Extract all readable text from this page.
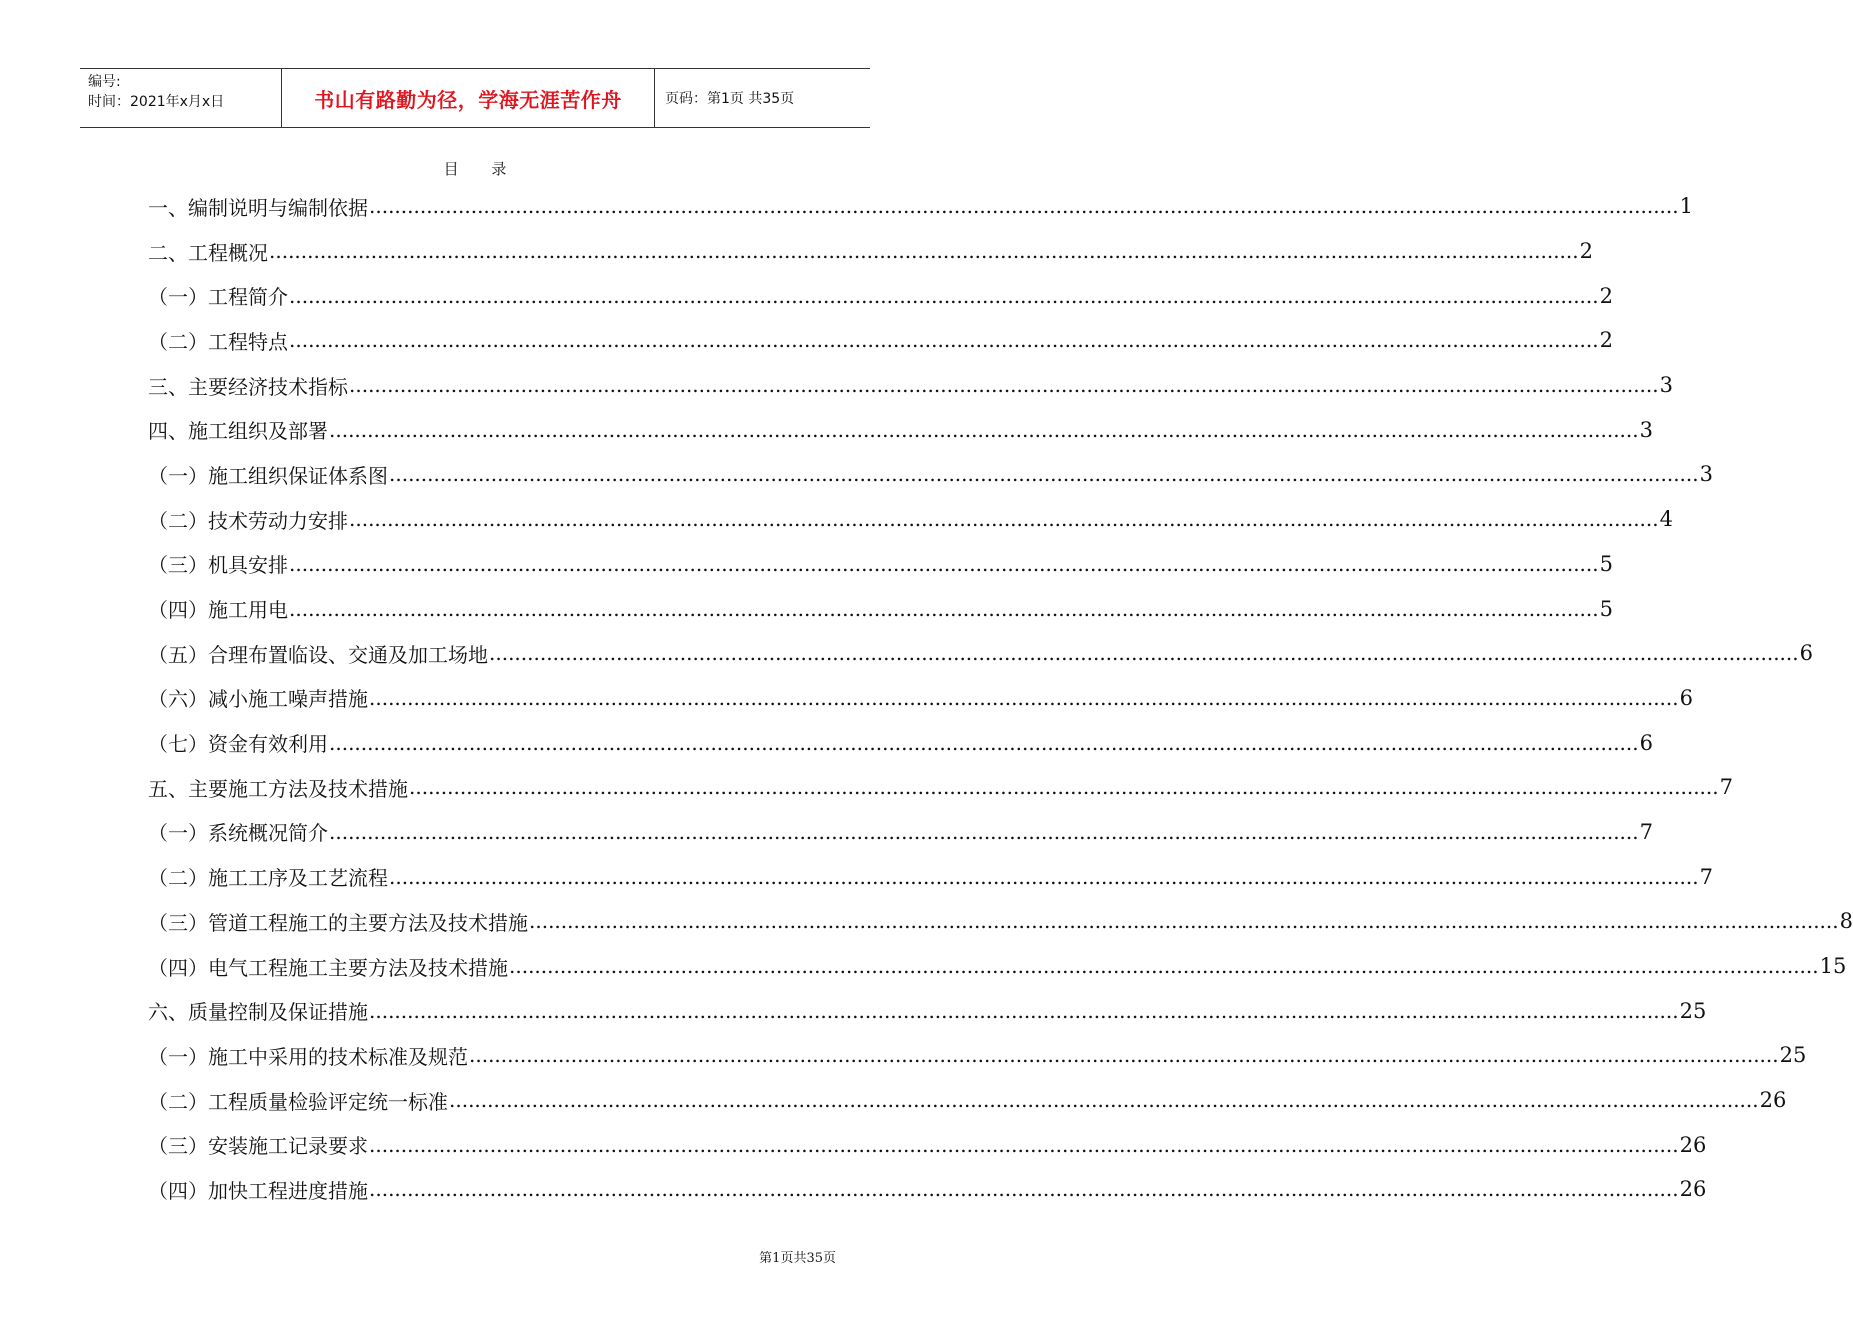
编号:
时间：2021年x月x日	书山有路勤为径，学海无涯苦作舟	页码：第1页 共35页
目 录
一、编制说明与编制依据 .............................................................................................................................................................................................................. 1
二、工程概况 .............................................................................................................................................................................................................. 2
（一）工程简介 .............................................................................................................................................................................................................. 2
（二）工程特点 .............................................................................................................................................................................................................. 2
三、主要经济技术指标 .............................................................................................................................................................................................................. 3
四、施工组织及部署 .............................................................................................................................................................................................................. 3
（一）施工组织保证体系图 .............................................................................................................................................................................................................. 3
（二）技术劳动力安排 .............................................................................................................................................................................................................. 4
（三）机具安排 .............................................................................................................................................................................................................. 5
（四）施工用电 .............................................................................................................................................................................................................. 5
（五）合理布置临设、交通及加工场地 .............................................................................................................................................................................................................. 6
（六）减小施工噪声措施 .............................................................................................................................................................................................................. 6
（七）资金有效利用 .............................................................................................................................................................................................................. 6
五、主要施工方法及技术措施 .............................................................................................................................................................................................................. 7
（一）系统概况简介 .............................................................................................................................................................................................................. 7
（二）施工工序及工艺流程 .............................................................................................................................................................................................................. 7
（三）管道工程施工的主要方法及技术措施 .............................................................................................................................................................................................................. 8
（四）电气工程施工主要方法及技术措施 .............................................................................................................................................................................................................. 15
六、质量控制及保证措施 .............................................................................................................................................................................................................. 25
（一）施工中采用的技术标准及规范 .............................................................................................................................................................................................................. 25
（二）工程质量检验评定统一标准 .............................................................................................................................................................................................................. 26
（三）安装施工记录要求 .............................................................................................................................................................................................................. 26
（四）加快工程进度措施 .............................................................................................................................................................................................................. 26
第1页共35页
